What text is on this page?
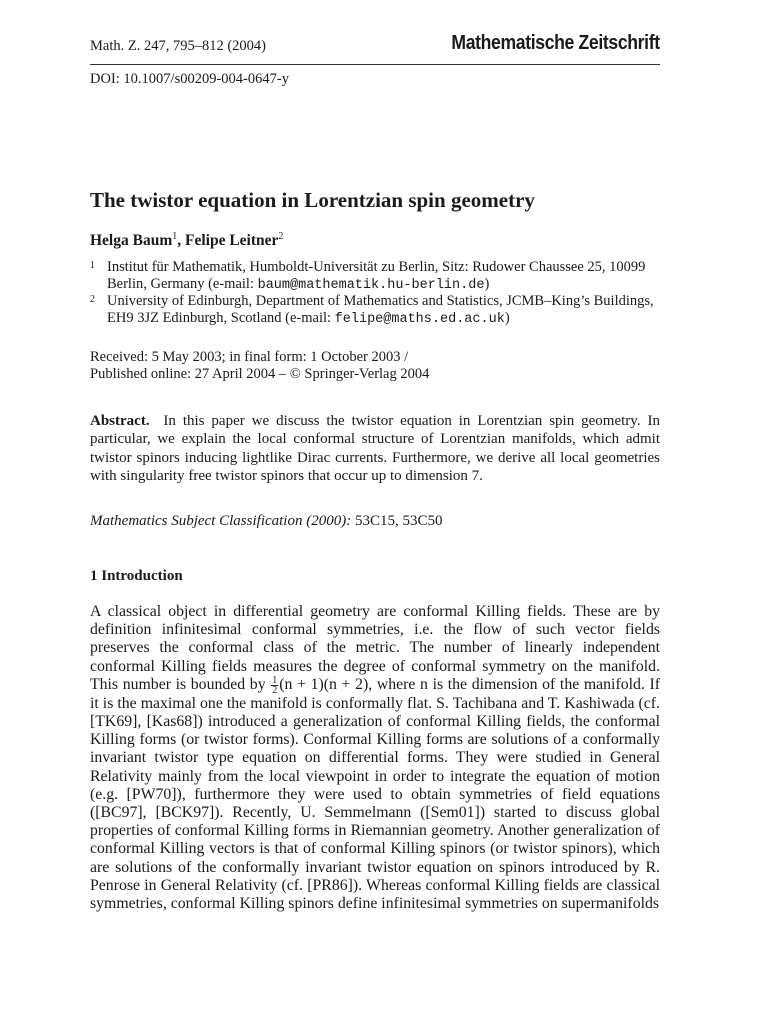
Math. Z. 247, 795–812 (2004)	Mathematische Zeitschrift
DOI: 10.1007/s00209-004-0647-y
The twistor equation in Lorentzian spin geometry
Helga Baum$^1$, Felipe Leitner$^2$
1 Institut für Mathematik, Humboldt-Universität zu Berlin, Sitz: Rudower Chaussee 25, 10099 Berlin, Germany (e-mail: baum@mathematik.hu-berlin.de)
2 University of Edinburgh, Department of Mathematics and Statistics, JCMB–King’s Buildings, EH9 3JZ Edinburgh, Scotland (e-mail: felipe@maths.ed.ac.uk)
Received: 5 May 2003; in final form: 1 October 2003 /
Published online: 27 April 2004 – © Springer-Verlag 2004
Abstract. In this paper we discuss the twistor equation in Lorentzian spin geometry. In particular, we explain the local conformal structure of Lorentzian manifolds, which admit twistor spinors inducing lightlike Dirac currents. Furthermore, we derive all local geometries with singularity free twistor spinors that occur up to dimension 7.
Mathematics Subject Classification (2000): 53C15, 53C50
1 Introduction
A classical object in differential geometry are conformal Killing fields. These are by definition infinitesimal conformal symmetries, i.e. the flow of such vector fields preserves the conformal class of the metric. The number of linearly independent conformal Killing fields measures the degree of conformal symmetry on the manifold. This number is bounded by $\frac{1}{2} (n + 1)(n + 2)$, where n is the dimension of the manifold. If it is the maximal one the manifold is conformally flat. S. Tachibana and T. Kashiwada (cf. [TK69], [Kas68]) introduced a generalization of conformal Killing fields, the conformal Killing forms (or twistor forms). Conformal Killing forms are solutions of a conformally invariant twistor type equation on differential forms. They were studied in General Relativity mainly from the local viewpoint in order to integrate the equation of motion (e.g. [PW70]), furthermore they were used to obtain symmetries of field equations ([BC97], [BCK97]). Recently, U. Semmelmann ([Sem01]) started to discuss global properties of conformal Killing forms in Riemannian geometry. Another generalization of conformal Killing vectors is that of conformal Killing spinors (or twistor spinors), which are solutions of the conformally invariant twistor equation on spinors introduced by R. Penrose in General Relativity (cf. [PR86]). Whereas conformal Killing fields are classical symmetries, conformal Killing spinors define infinitesimal symmetries on supermanifolds
